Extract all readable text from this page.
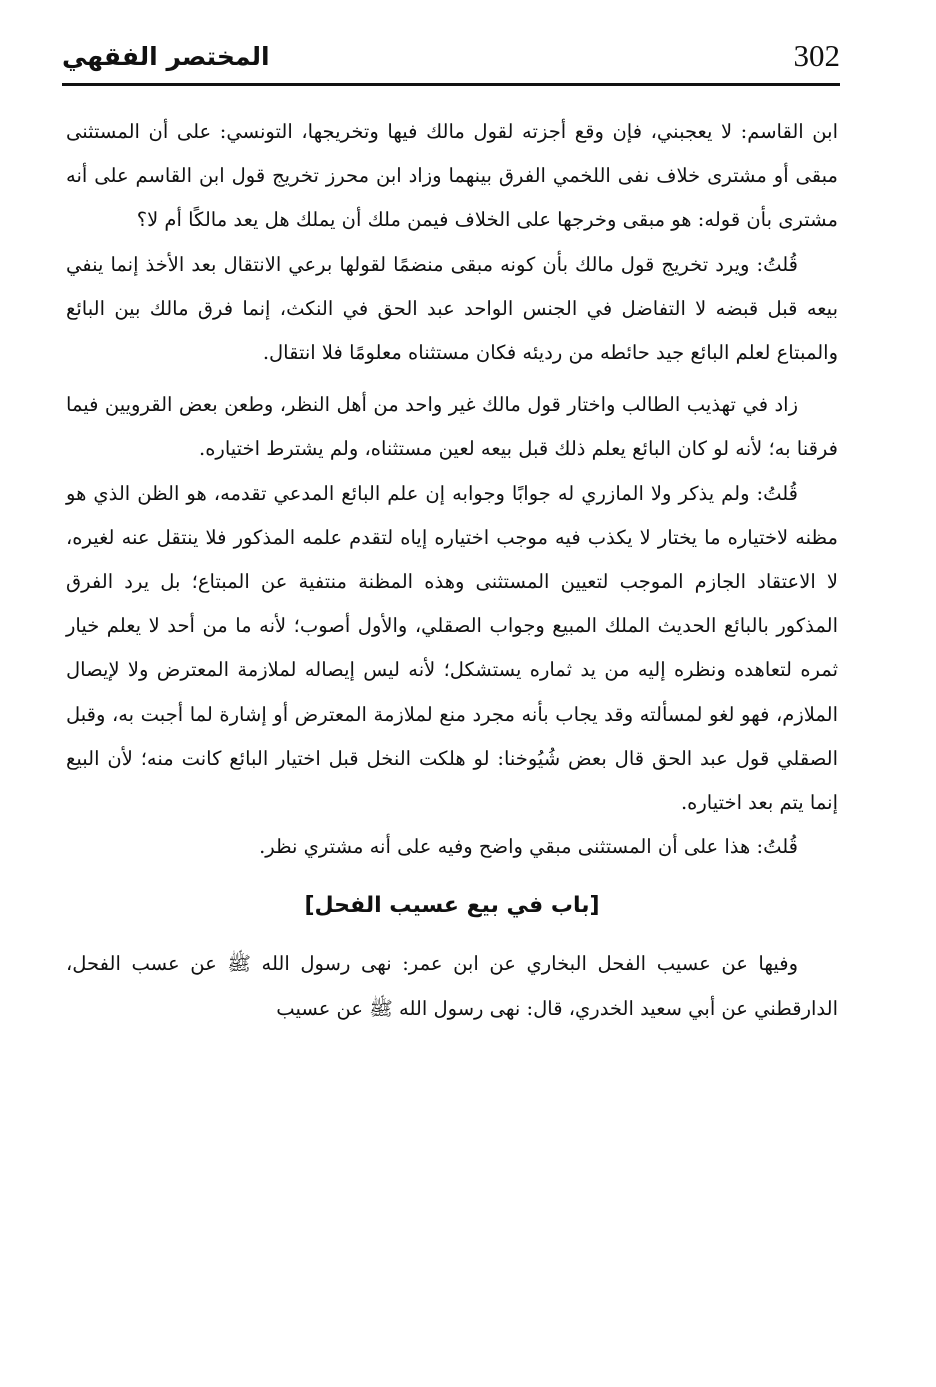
302
المختصر الفقهي

ابن القاسم: لا يعجبني، فإن وقع أجزته لقول مالك فيها وتخريجها، التونسي: على أن المستثنى مبقى أو مشترى خلاف نفى اللخمي الفرق بينهما وزاد ابن محرز تخريج قول ابن القاسم على أنه مشترى بأن قوله: هو مبقى وخرجها على الخلاف فيمن ملك أن يملك هل يعد مالكًا أم لا؟

قُلتُ: ويرد تخريج قول مالك بأن كونه مبقى منضمًا لقولها برعي الانتقال بعد الأخذ إنما ينفي بيعه قبل قبضه لا التفاضل في الجنس الواحد عبد الحق في النكث، إنما فرق مالك بين البائع والمبتاع لعلم البائع جيد حائطه من رديئه فكان مستثناه معلومًا فلا انتقال.

زاد في تهذيب الطالب واختار قول مالك غير واحد من أهل النظر، وطعن بعض القرويين فيما فرقنا به؛ لأنه لو كان البائع يعلم ذلك قبل بيعه لعين مستثناه، ولم يشترط اختياره.

قُلتُ: ولم يذكر ولا المازري له جوابًا وجوابه إن علم البائع المدعي تقدمه، هو الظن الذي هو مظنه لاختياره ما يختار لا يكذب فيه موجب اختياره إياه لتقدم علمه المذكور فلا ينتقل عنه لغيره، لا الاعتقاد الجازم الموجب لتعيين المستثنى وهذه المظنة منتفية عن المبتاع؛ بل يرد الفرق المذكور بالبائع الحديث الملك المبيع وجواب الصقلي، والأول أصوب؛ لأنه ما من أحد لا يعلم خيار ثمره لتعاهده ونظره إليه من يد ثماره يستشكل؛ لأنه ليس إيصاله لملازمة المعترض ولا لإيصال الملازم، فهو لغو لمسألته وقد يجاب بأنه مجرد منع لملازمة المعترض أو إشارة لما أجبت به، وقبل الصقلي قول عبد الحق قال بعض شُيُوخنا: لو هلكت النخل قبل اختيار البائع كانت منه؛ لأن البيع إنما يتم بعد اختياره.

قُلتُ: هذا على أن المستثنى مبقي واضح وفيه على أنه مشتري نظر.

[باب في بيع عسيب الفحل]

وفيها عن عسيب الفحل البخاري عن ابن عمر: نهى رسول الله ﷺ عن عسب الفحل، الدارقطني عن أبي سعيد الخدري، قال: نهى رسول الله ﷺ عن عسيب
